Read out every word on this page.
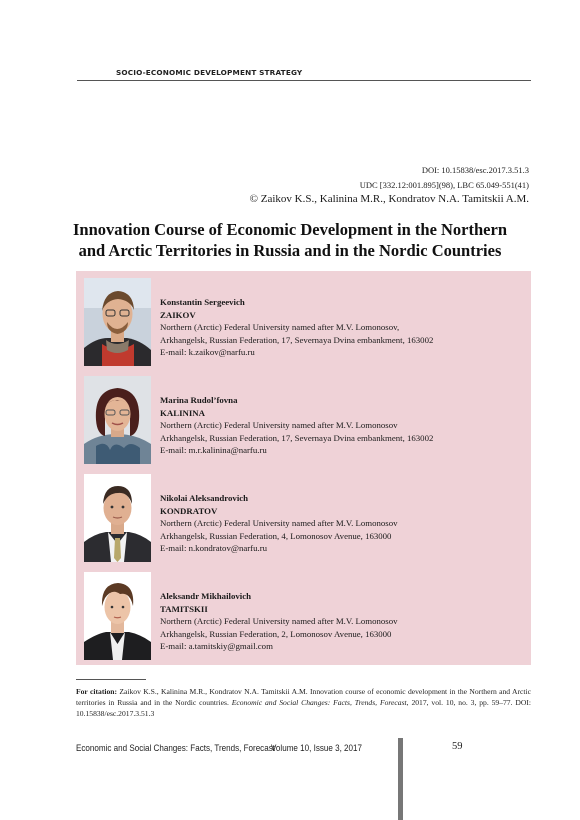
SOCIO-ECONOMIC DEVELOPMENT STRATEGY
DOI: 10.15838/esc.2017.3.51.3
UDC [332.12:001.895](98), LBC 65.049-551(41)
© Zaikov K.S., Kalinina M.R., Kondratov N.A. Tamitskii A.M.
Innovation Course of Economic Development in the Northern
and Arctic Territories in Russia and in the Nordic Countries
Konstantin Sergeevich
ZAIKOV
Northern (Arctic) Federal University named after M.V. Lomonosov,
Arkhangelsk, Russian Federation, 17, Severnaya Dvina embankment, 163002
E-mail: k.zaikov@narfu.ru
Marina Rudol’fovna
KALININA
Northern (Arctic) Federal University named after M.V. Lomonosov
Arkhangelsk, Russian Federation, 17, Severnaya Dvina embankment, 163002
E-mail: m.r.kalinina@narfu.ru
Nikolai Aleksandrovich
KONDRATOV
Northern (Arctic) Federal University named after M.V. Lomonosov
Arkhangelsk, Russian Federation, 4, Lomonosov Avenue, 163000
E-mail: n.kondratov@narfu.ru
Aleksandr Mikhailovich
TAMITSKII
Northern (Arctic) Federal University named after M.V. Lomonosov
Arkhangelsk, Russian Federation, 2, Lomonosov Avenue, 163000
E-mail: a.tamitskiy@gmail.com
For citation: Zaikov K.S., Kalinina M.R., Kondratov N.A. Tamitskii A.M. Innovation course of economic development in the Northern and Arctic territories in Russia and in the Nordic countries. Economic and Social Changes: Facts, Trends, Forecast, 2017, vol. 10, no. 3, pp. 59–77. DOI: 10.15838/esc.2017.3.51.3
Economic and Social Changes: Facts, Trends, Forecast
Volume 10, Issue 3, 2017	59
